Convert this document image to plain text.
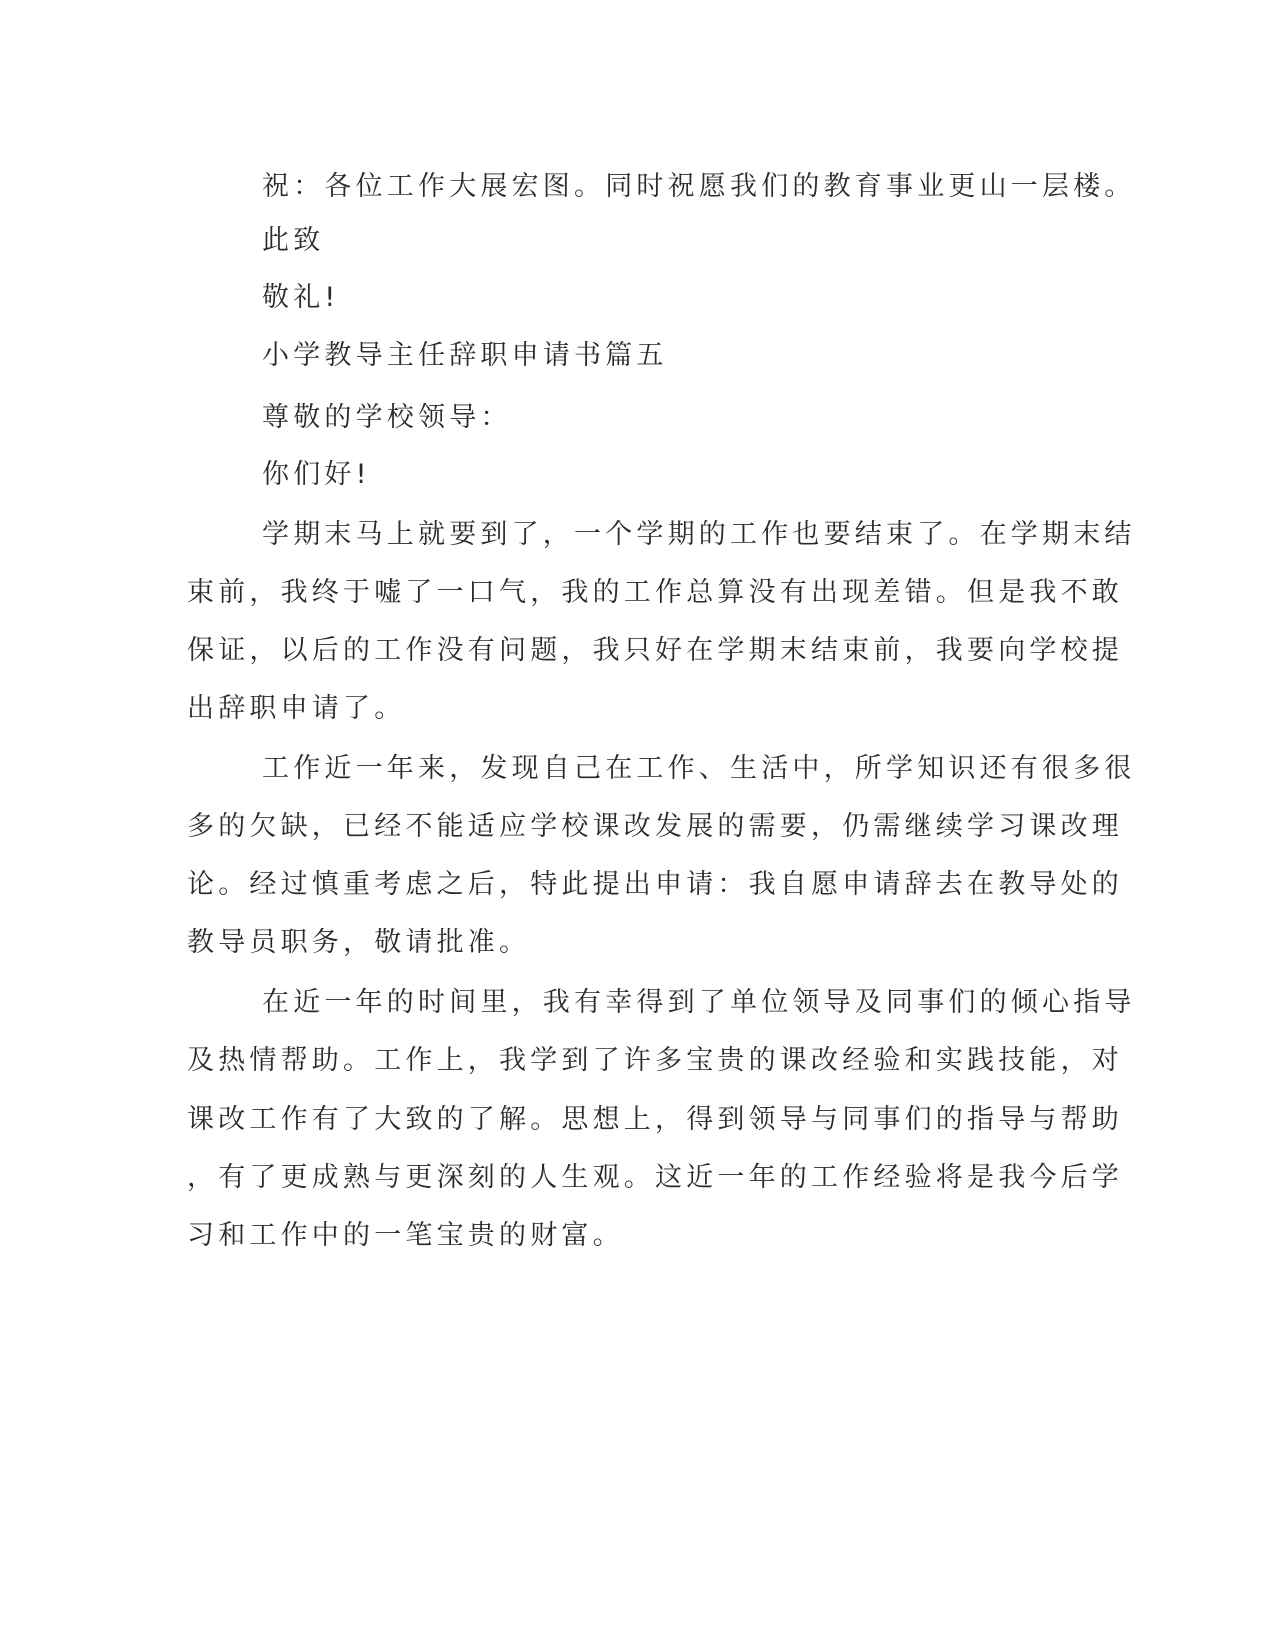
祝：各位工作大展宏图。同时祝愿我们的教育事业更山一层楼。
此致
敬礼!
小学教导主任辞职申请书篇五
尊敬的学校领导：
你们好!
学期末马上就要到了，一个学期的工作也要结束了。在学期末结
束前，我终于嘘了一口气，我的工作总算没有出现差错。但是我不敢
保证，以后的工作没有问题，我只好在学期末结束前，我要向学校提
出辞职申请了。
工作近一年来，发现自己在工作、生活中，所学知识还有很多很
多的欠缺，已经不能适应学校课改发展的需要，仍需继续学习课改理
论。经过慎重考虑之后，特此提出申请：我自愿申请辞去在教导处的
教导员职务，敬请批准。
在近一年的时间里，我有幸得到了单位领导及同事们的倾心指导
及热情帮助。工作上，我学到了许多宝贵的课改经验和实践技能，对
课改工作有了大致的了解。思想上，得到领导与同事们的指导与帮助
，有了更成熟与更深刻的人生观。这近一年的工作经验将是我今后学
习和工作中的一笔宝贵的财富。
